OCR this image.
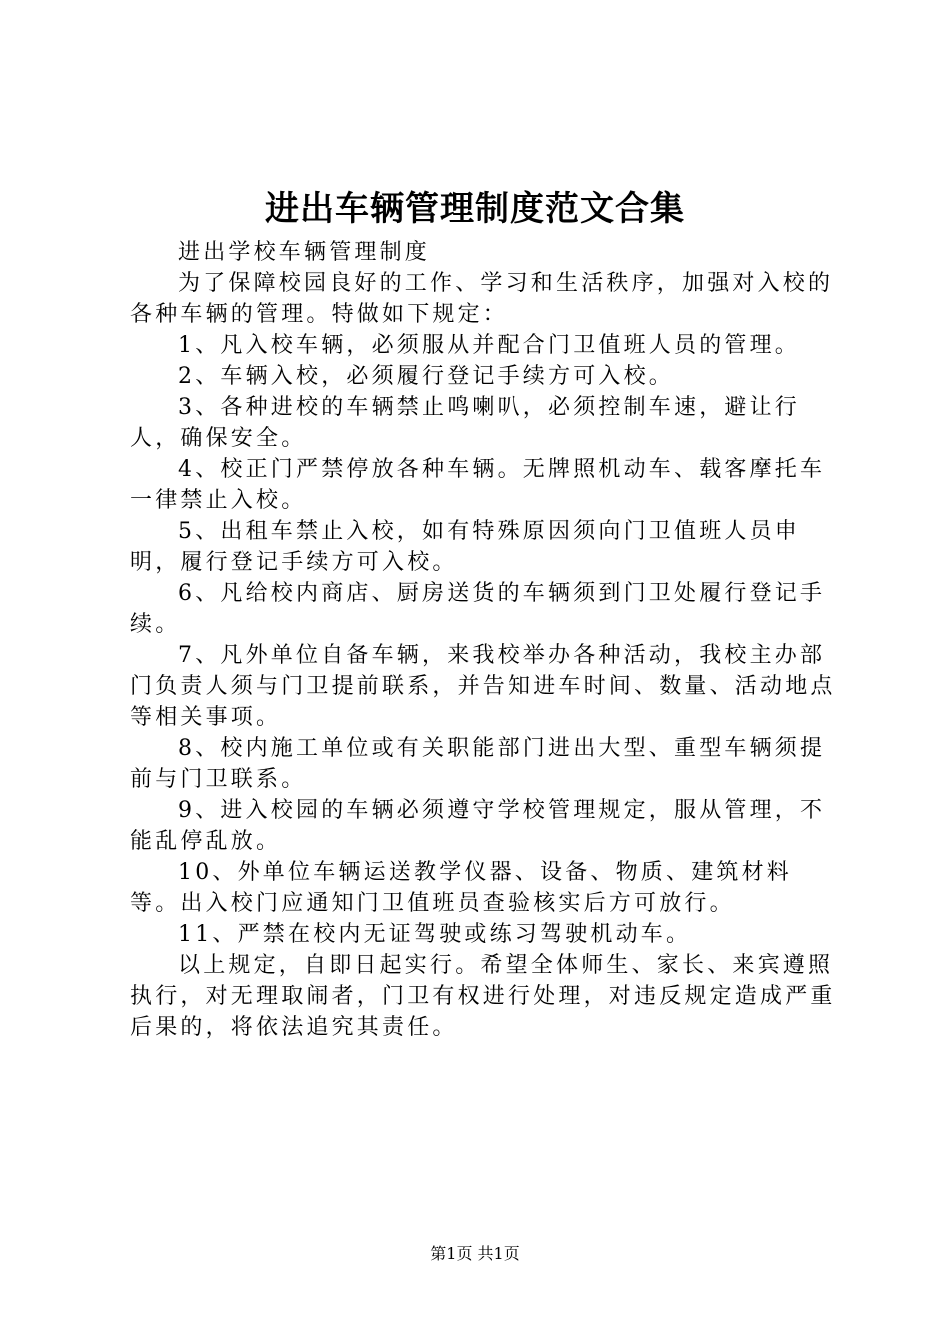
进出车辆管理制度范文合集

进出学校车辆管理制度

为了保障校园良好的工作、学习和生活秩序，加强对入校的各种车辆的管理。特做如下规定：

1、凡入校车辆，必须服从并配合门卫值班人员的管理。

2、车辆入校，必须履行登记手续方可入校。

3、各种进校的车辆禁止鸣喇叭，必须控制车速，避让行人，确保安全。

4、校正门严禁停放各种车辆。无牌照机动车、载客摩托车一律禁止入校。

5、出租车禁止入校，如有特殊原因须向门卫值班人员申明，履行登记手续方可入校。

6、凡给校内商店、厨房送货的车辆须到门卫处履行登记手续。

7、凡外单位自备车辆，来我校举办各种活动，我校主办部门负责人须与门卫提前联系，并告知进车时间、数量、活动地点等相关事项。

8、校内施工单位或有关职能部门进出大型、重型车辆须提前与门卫联系。

9、进入校园的车辆必须遵守学校管理规定，服从管理，不能乱停乱放。

10、外单位车辆运送教学仪器、设备、物质、建筑材料等。出入校门应通知门卫值班员查验核实后方可放行。

11、严禁在校内无证驾驶或练习驾驶机动车。

以上规定，自即日起实行。希望全体师生、家长、来宾遵照执行，对无理取闹者，门卫有权进行处理，对违反规定造成严重后果的，将依法追究其责任。

第1页 共1页
